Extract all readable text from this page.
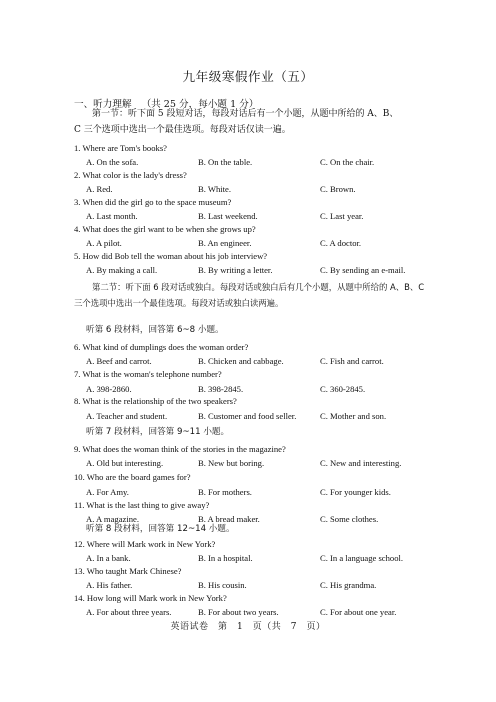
九年级寒假作业（五）
一、听力理解 （共 25 分，每小题 1 分）
第一节：听下面 5 段短对话，每段对话后有一个小题，从题中所给的 A、B、
C 三个选项中选出一个最佳选项。每段对话仅读一遍。
1. Where are Tom's books?
A. On the sofa.	B. On the table.	C. On the chair.
2. What color is the lady's dress?
A. Red.	B. White.	C. Brown.
3. When did the girl go to the space museum?
A. Last month.	B. Last weekend.	C. Last year.
4. What does the girl want to be when she grows up?
A. A pilot.	B. An engineer.	C. A doctor.
5. How did Bob tell the woman about his job interview?
A. By making a call.	B. By writing a letter.	C. By sending an e-mail.
第二节：听下面 6 段对话或独白。每段对话或独白后有几个小题，从题中所给的 A、B、C
三个选项中选出一个最佳选项。每段对话或独白读两遍。
听第 6 段材料，回答第 6~8 小题。
6. What kind of dumplings does the woman order?
A. Beef and carrot.	B. Chicken and cabbage.	C. Fish and carrot.
7. What is the woman's telephone number?
A. 398-2860.	B. 398-2845.	C. 360-2845.
8. What is the relationship of the two speakers?
A. Teacher and student.	B. Customer and food seller.	C. Mother and son.
听第 7 段材料，回答第 9~11 小题。
9. What does the woman think of the stories in the magazine?
A. Old but interesting.	B. New but boring.	C. New and interesting.
10. Who are the board games for?
A. For Amy.	B. For mothers.	C. For younger kids.
11. What is the last thing to give away?
A. A magazine.	B. A bread maker.	C. Some clothes.
听第 8 段材料，回答第 12~14 小题。
12. Where will Mark work in New York?
A. In a bank.	B. In a hospital.	C. In a language school.
13. Who taught Mark Chinese?
A. His father.	B. His cousin.	C. His grandma.
14. How long will Mark work in New York?
A. For about three years.	B. For about two years.	C. For about one year.
英语试卷　第　1　页（共　7　页）
